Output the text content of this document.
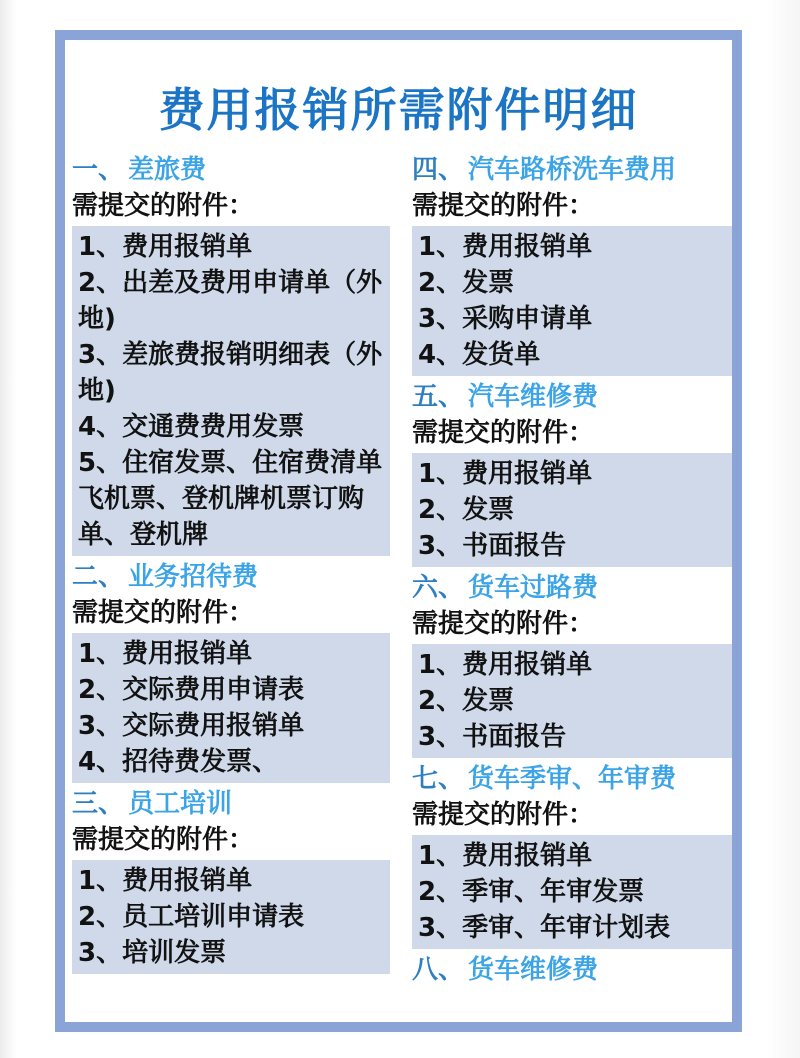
费用报销所需附件明细
一、 差旅费
需提交的附件：
1、费用报销单
2、出差及费用申请单（外地)
3、差旅费报销明细表（外地)
4、交通费费用发票
5、住宿发票、住宿费清单飞机票、登机牌机票订购单、登机牌
二、 业务招待费
需提交的附件：
1、费用报销单
2、交际费用申请表
3、交际费用报销单
4、招待费发票、
三、 员工培训
需提交的附件：
1、费用报销单
2、员工培训申请表
3、培训发票
四、 汽车路桥洗车费用
需提交的附件：
1、费用报销单
2、发票
3、采购申请单
4、发货单
五、 汽车维修费
需提交的附件：
1、费用报销单
2、发票
3、书面报告
六、 货车过路费
需提交的附件：
1、费用报销单
2、发票
3、书面报告
七、 货车季审、年审费
需提交的附件：
1、费用报销单
2、季审、年审发票
3、季审、年审计划表
八、 货车维修费
